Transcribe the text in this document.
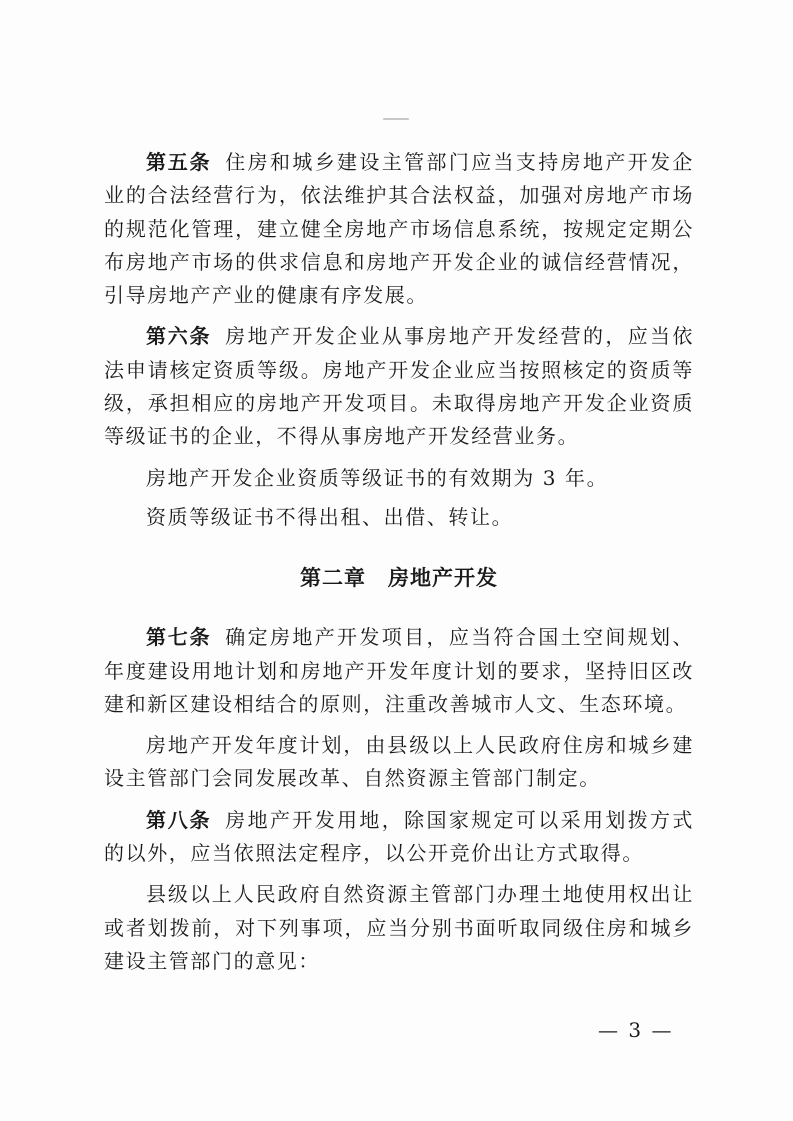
第五条 住房和城乡建设主管部门应当支持房地产开发企业的合法经营行为，依法维护其合法权益，加强对房地产市场的规范化管理，建立健全房地产市场信息系统，按规定定期公布房地产市场的供求信息和房地产开发企业的诚信经营情况，引导房地产产业的健康有序发展。

第六条 房地产开发企业从事房地产开发经营的，应当依法申请核定资质等级。房地产开发企业应当按照核定的资质等级，承担相应的房地产开发项目。未取得房地产开发企业资质等级证书的企业，不得从事房地产开发经营业务。

房地产开发企业资质等级证书的有效期为 3 年。

资质等级证书不得出租、出借、转让。

第二章 房地产开发

第七条 确定房地产开发项目，应当符合国土空间规划、年度建设用地计划和房地产开发年度计划的要求，坚持旧区改建和新区建设相结合的原则，注重改善城市人文、生态环境。

房地产开发年度计划，由县级以上人民政府住房和城乡建设主管部门会同发展改革、自然资源主管部门制定。

第八条 房地产开发用地，除国家规定可以采用划拨方式的以外，应当依照法定程序，以公开竞价出让方式取得。

县级以上人民政府自然资源主管部门办理土地使用权出让或者划拨前，对下列事项，应当分别书面听取同级住房和城乡建设主管部门的意见：

— 3 —
